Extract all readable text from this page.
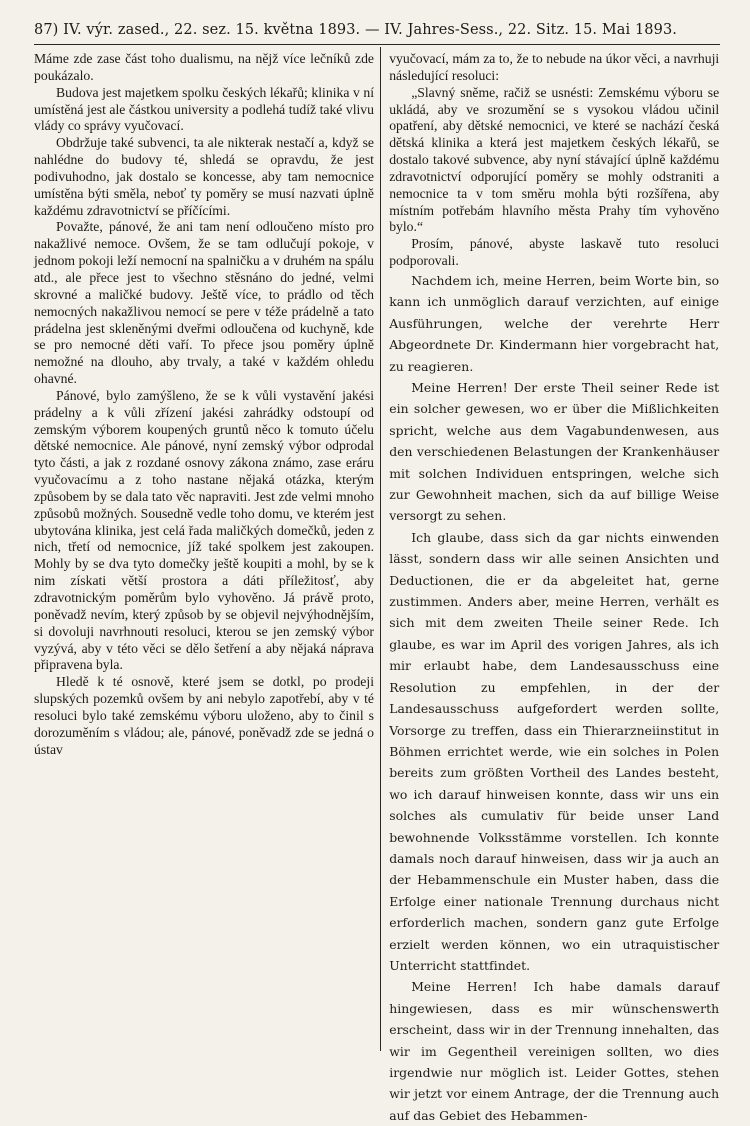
87) IV. výr. zased., 22. sez. 15. května 1893. — IV. Jahres-Sess., 22. Sitz. 15. Mai 1893.

Máme zde zase část toho dualismu, na nějž více lečníků zde poukázalo.

Budova jest majetkem spolku českých lékařů; klinika v ní umístěná jest ale částkou university a podlehá tudíž také vlivu vlády co správy vyučovací.

Obdržuje také subvenci, ta ale nikterak nestačí a, když se nahlédne do budovy té, shledá se opravdu, že jest podivuhodno, jak dostalo se koncesse, aby tam nemocnice umístěna býti směla, neboť ty poměry se musí nazvati úplně každému zdravotnictví se příčícími.

Považte, pánové, že ani tam není odloučeno místo pro nakažlivé nemoce. Ovšem, že se tam odlučují pokoje, v jednom pokoji leží nemocní na spalničku a v druhém na spálu atd., ale přece jest to všechno stěsnáno do jedné, velmi skrovné a maličké budovy. Ještě více, to prádlo od těch nemocných nakažlivou nemocí se pere v téže prádelně a tato prádelna jest skleněnými dveřmi odloučena od kuchyně, kde se pro nemocné děti vaří. To přece jsou poměry úplně nemožné na dlouho, aby trvaly, a také v každém ohledu ohavné.

Pánové, bylo zamýšleno, že se k vůli vystavění jakési prádelny a k vůli zřízení jakési zahrádky odstoupí od zemským výborem koupených gruntů něco k tomuto účelu dětské nemocnice. Ale pánové, nyní zemský výbor odprodal tyto části, a jak z rozdané osnovy zákona známo, zase eráru vyučovacímu a z toho nastane nějaká otázka, kterým způsobem by se dala tato věc napraviti. Jest zde velmi mnoho způsobů možných. Sousedně vedle toho domu, ve kterém jest ubytována klinika, jest celá řada maličkých domečků, jeden z nich, třetí od nemocnice, jíž také spolkem jest zakoupen. Mohly by se dva tyto domečky ještě koupiti a mohl, by se k nim získati větší prostora a dáti příležitosť, aby zdravotnickým poměrům bylo vyhověno. Já právě proto, poněvadž nevím, který způsob by se objevil nejvýhodnějším, si dovoluji navrhnouti resoluci, kterou se jen zemský výbor vyzývá, aby v této věci se dělo šetření a aby nějaká náprava připravena byla.

Hledě k té osnově, které jsem se dotkl, po prodeji slupských pozemků ovšem by ani nebylo zapotřebí, aby v té resoluci bylo také zemskému výboru uloženo, aby to činil s dorozuměním s vládou; ale, pánové, poněvadž zde se jedná o ústav

vyučovací, mám za to, že to nebude na úkor věci, a navrhuji následující resoluci:

„Slavný sněme, račiž se usnésti: Zemskému výboru se ukládá, aby ve srozumění se s vysokou vládou učinil opatření, aby dětské nemocnici, ve které se nachází česká dětská klinika a která jest majetkem českých lékařů, se dostalo takové subvence, aby nyní stávající úplně každému zdravotnictví odporující poměry se mohly odstraniti a nemocnice ta v tom směru mohla býti rozšířena, aby místním potřebám hlavního města Prahy tím vyhověno bylo.“

Prosím, pánové, abyste laskavě tuto resoluci podporovali.

Nachdem ich, meine Herren, beim Worte bin, so kann ich unmöglich darauf verzichten, auf einige Ausführungen, welche der verehrte Herr Abgeordnete Dr. Kindermann hier vorgebracht hat, zu reagieren.

Meine Herren! Der erste Theil seiner Rede ist ein solcher gewesen, wo er über die Mißlichkeiten spricht, welche aus dem Vagabundenwesen, aus den verschiedenen Belastungen der Krankenhäuser mit solchen Individuen entspringen, welche sich zur Gewohnheit machen, sich da auf billige Weise versorgt zu sehen.

Ich glaube, dass sich da gar nichts einwenden lässt, sondern dass wir alle seinen Ansichten und Deductionen, die er da abgeleitet hat, gerne zustimmen. Anders aber, meine Herren, verhält es sich mit dem zweiten Theile seiner Rede. Ich glaube, es war im April des vorigen Jahres, als ich mir erlaubt habe, dem Landesausschuss eine Resolution zu empfehlen, in der der Landesausschuss aufgefordert werden sollte, Vorsorge zu treffen, dass ein Thierarzneiinstitut in Böhmen errichtet werde, wie ein solches in Polen bereits zum größten Vortheil des Landes besteht, wo ich darauf hinweisen konnte, dass wir uns ein solches als cumulativ für beide unser Land bewohnende Volksstämme vorstellen. Ich konnte damals noch darauf hinweisen, dass wir ja auch an der Hebammenschule ein Muster haben, dass die Erfolge einer nationale Trennung durchaus nicht erforderlich machen, sondern ganz gute Erfolge erzielt werden können, wo ein utraquistischer Unterricht stattfindet.

Meine Herren! Ich habe damals darauf hingewiesen, dass es mir wünschenswerth erscheint, dass wir in der Trennung innehalten, das wir im Gegentheil vereinigen sollten, wo dies irgendwie nur möglich ist. Leider Gottes, stehen wir jetzt vor einem Antrage, der die Trennung auch auf das Gebiet des Hebammen-
